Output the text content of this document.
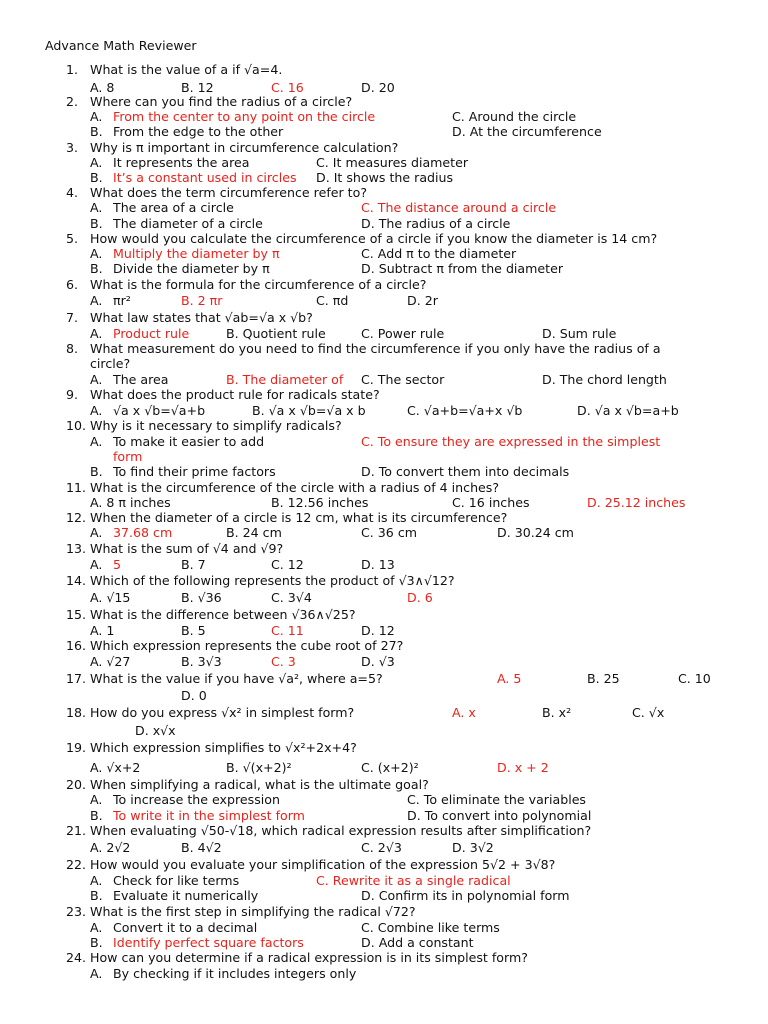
Advance Math Reviewer
1. What is the value of a if √a=4.
A. 8	B. 12	C. 16	D. 20
2. Where can you find the radius of a circle?
A. From the center to any point on the circle	C. Around the circle
B. From the edge to the other	D. At the circumference
3. Why is π important in circumference calculation?
A. It represents the area	C. It measures diameter
B. It’s a constant used in circles D. It shows the radius
4. What does the term circumference refer to?
A. The area of a circle	C. The distance around a circle
B. The diameter of a circle	D. The radius of a circle
5. How would you calculate the circumference of a circle if you know the diameter is 14 cm?
A. Multiply the diameter by π	C. Add π to the diameter
B. Divide the diameter by π	D. Subtract π from the diameter
6. What is the formula for the circumference of a circle?
A. πr²	B. 2 πr	C. πd	D. 2r
7. What law states that √ab=√a x √b?
A. Product rule	B. Quotient rule	C. Power rule	D. Sum rule
8. What measurement do you need to find the circumference if you only have the radius of a
circle?
A. The area	B. The diameter of C. The sector	D. The chord length
9. What does the product rule for radicals state?
A. √a x √b=√a+b	B. √a x √b=√a x b	C. √a+b=√a+x √b	D. √a x √b=a+b
10. Why is it necessary to simplify radicals?
A. To make it easier to add	C. To ensure they are expressed in the simplest
form
B. To find their prime factors	D. To convert them into decimals
11. What is the circumference of the circle with a radius of 4 inches?
A. 8 π inches	B. 12.56 inches	C. 16 inches	D. 25.12 inches
12. When the diameter of a circle is 12 cm, what is its circumference?
A. 37.68 cm	B. 24 cm	C. 36 cm	D. 30.24 cm
13. What is the sum of √4 and √9?
A. 5	B. 7	C. 12	D. 13
14. Which of the following represents the product of √3∧√12?
A. √15	B. √36	C. 3√4	D. 6
15. What is the difference between √36∧√25?
A. 1	B. 5	C. 11	D. 12
16. Which expression represents the cube root of 27?
A. √27	B. 3√3	C. 3	D. √3
17. What is the value if you have √a², where a=5?	A. 5	B. 25	C. 10
D. 0
18. How do you express √x² in simplest form?	A. x	B. x²	C. √x
D. x√x
19. Which expression simplifies to √x²+2x+4?
A. √x+2	B. √(x+2)²	C. (x+2)²	D. x + 2
20. When simplifying a radical, what is the ultimate goal?
A. To increase the expression	C. To eliminate the variables
B. To write it in the simplest form	D. To convert into polynomial
21. When evaluating √50-√18, which radical expression results after simplification?
A. 2√2	B. 4√2	C. 2√3	D. 3√2
22. How would you evaluate your simplification of the expression 5√2 + 3√8?
A. Check for like terms	C. Rewrite it as a single radical
B. Evaluate it numerically	D. Confirm its in polynomial form
23. What is the first step in simplifying the radical √72?
A. Convert it to a decimal	C. Combine like terms
B. Identify perfect square factors	D. Add a constant
24. How can you determine if a radical expression is in its simplest form?
A. By checking if it includes integers only
